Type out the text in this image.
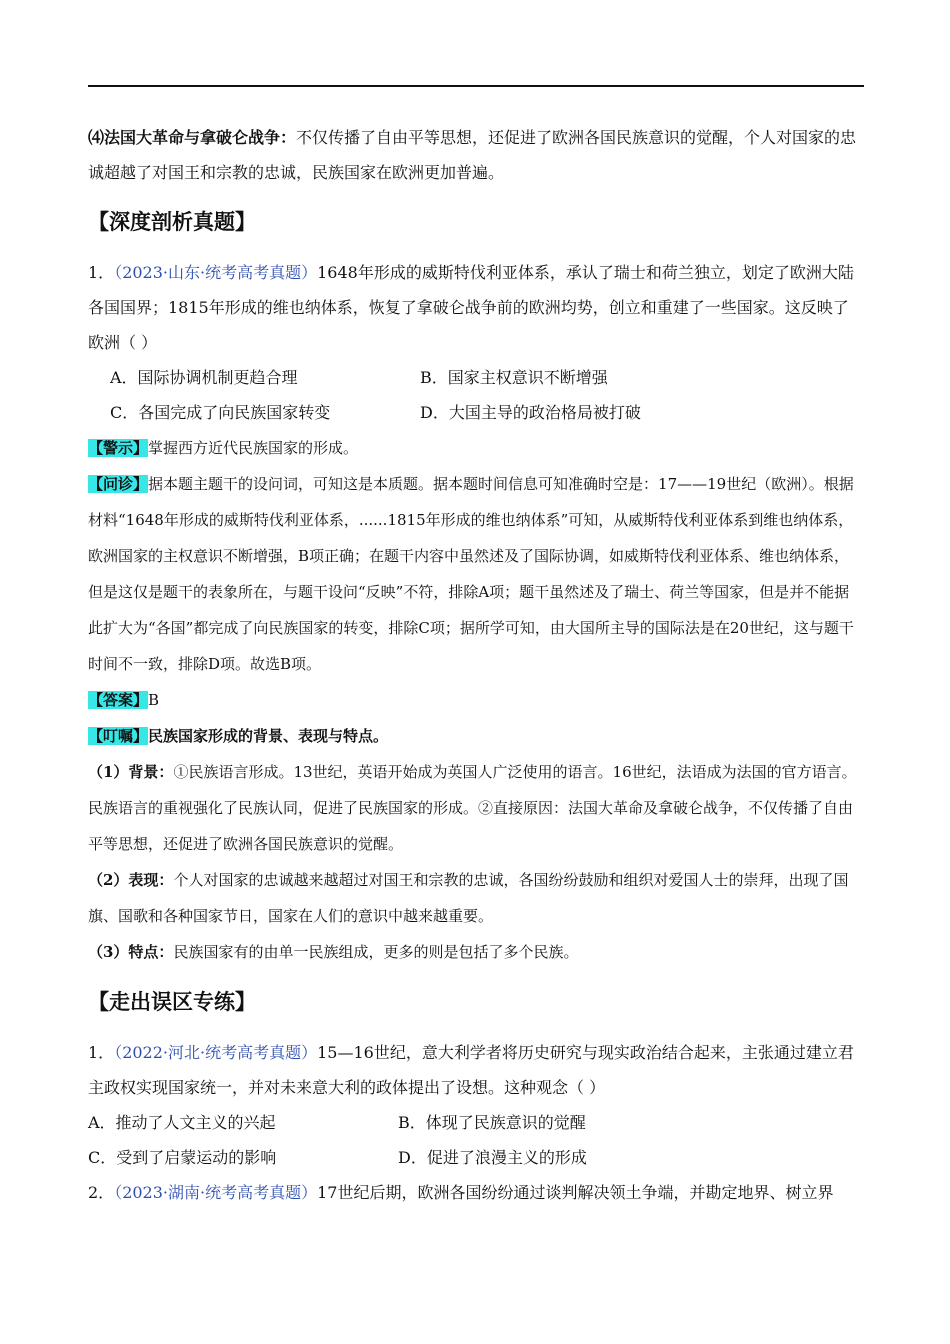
⑷法国大革命与拿破仑战争：不仅传播了自由平等思想，还促进了欧洲各国民族意识的觉醒，个人对国家的忠诚超越了对国王和宗教的忠诚，民族国家在欧洲更加普遍。

【深度剖析真题】

1．（2023·山东·统考高考真题）1648年形成的威斯特伐利亚体系，承认了瑞士和荷兰独立，划定了欧洲大陆各国国界；1815年形成的维也纳体系，恢复了拿破仑战争前的欧洲均势，创立和重建了一些国家。这反映了欧洲（ ）

A．国际协调机制更趋合理	B．国家主权意识不断增强
C．各国完成了向民族国家转变	D．大国主导的政治格局被打破

【警示】掌握西方近代民族国家的形成。

【问诊】据本题主题干的设问词，可知这是本质题。据本题时间信息可知准确时空是：17——19世纪（欧洲）。根据材料“1648年形成的威斯特伐利亚体系，......1815年形成的维也纳体系”可知，从威斯特伐利亚体系到维也纳体系，欧洲国家的主权意识不断增强，B项正确；在题干内容中虽然述及了国际协调，如威斯特伐利亚体系、维也纳体系，但是这仅是题干的表象所在，与题干设问“反映”不符，排除A项；题干虽然述及了瑞士、荷兰等国家，但是并不能据此扩大为“各国”都完成了向民族国家的转变，排除C项；据所学可知，由大国所主导的国际法是在20世纪，这与题干时间不一致，排除D项。故选B项。

【答案】B

【叮嘱】民族国家形成的背景、表现与特点。

（1）背景：①民族语言形成。13世纪，英语开始成为英国人广泛使用的语言。16世纪，法语成为法国的官方语言。民族语言的重视强化了民族认同，促进了民族国家的形成。②直接原因：法国大革命及拿破仑战争，不仅传播了自由平等思想，还促进了欧洲各国民族意识的觉醒。

（2）表现：个人对国家的忠诚越来越超过对国王和宗教的忠诚，各国纷纷鼓励和组织对爱国人士的崇拜，出现了国旗、国歌和各种国家节日，国家在人们的意识中越来越重要。

（3）特点：民族国家有的由单一民族组成，更多的则是包括了多个民族。

【走出误区专练】

1．（2022·河北·统考高考真题）15—16世纪，意大利学者将历史研究与现实政治结合起来，主张通过建立君主政权实现国家统一，并对未来意大利的政体提出了设想。这种观念（ ）

A．推动了人文主义的兴起	B．体现了民族意识的觉醒
C．受到了启蒙运动的影响	D．促进了浪漫主义的形成

2．（2023·湖南·统考高考真题）17世纪后期，欧洲各国纷纷通过谈判解决领土争端，并勘定地界、树立界
